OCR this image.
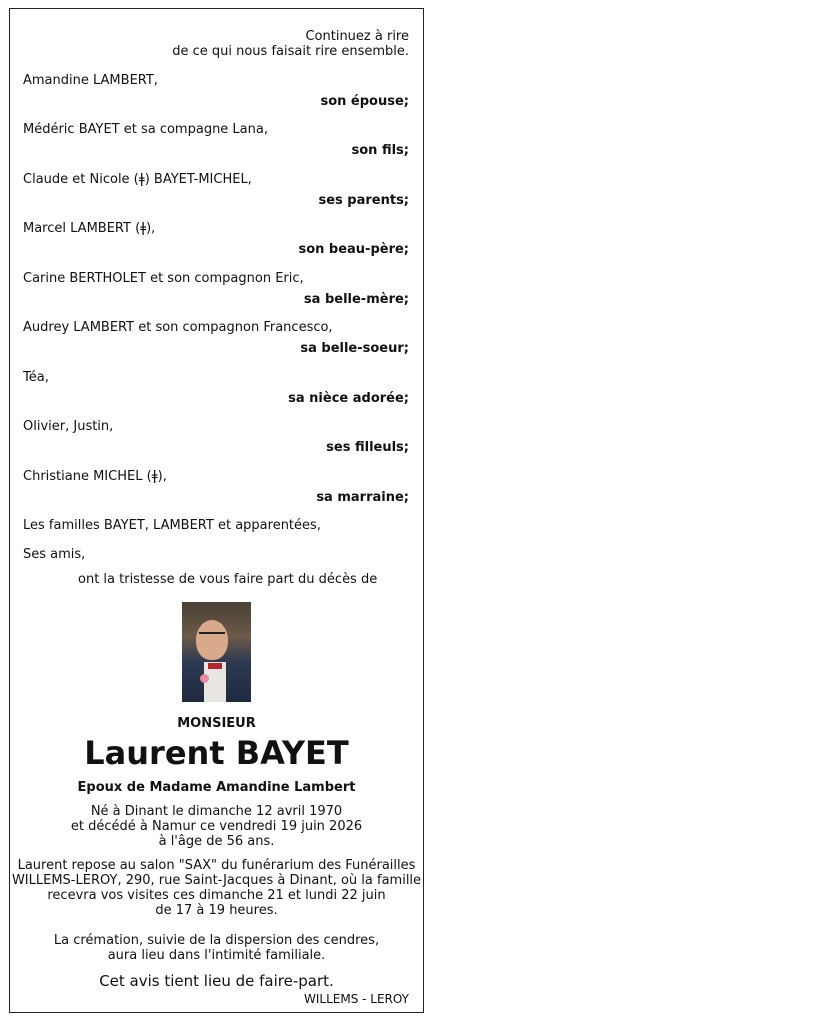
Continuez à rire
de ce qui nous faisait rire ensemble.
Amandine LAMBERT,
son épouse;
Médéric BAYET et sa compagne Lana,
son fils;
Claude et Nicole (ǂ) BAYET-MICHEL,
ses parents;
Marcel LAMBERT (ǂ),
son beau-père;
Carine BERTHOLET et son compagnon Eric,
sa belle-mère;
Audrey LAMBERT et son compagnon Francesco,
sa belle-soeur;
Téa,
sa nièce adorée;
Olivier, Justin,
ses filleuls;
Christiane MICHEL (ǂ),
sa marraine;
Les familles BAYET, LAMBERT et apparentées,
Ses amis,
ont la tristesse de vous faire part du décès de
MONSIEUR
Laurent BAYET
Epoux de Madame Amandine Lambert
Né à Dinant le dimanche 12 avril 1970
et décédé à Namur ce vendredi 19 juin 2026
à l'âge de 56 ans.
Laurent repose au salon "SAX" du funérarium des Funérailles
WILLEMS-LEROY, 290, rue Saint-Jacques à Dinant, où la famille
recevra vos visites ces dimanche 21 et lundi 22 juin
de 17 à 19 heures.
La crémation, suivie de la dispersion des cendres,
aura lieu dans l'intimité familiale.
Cet avis tient lieu de faire-part.
WILLEMS - LEROY
